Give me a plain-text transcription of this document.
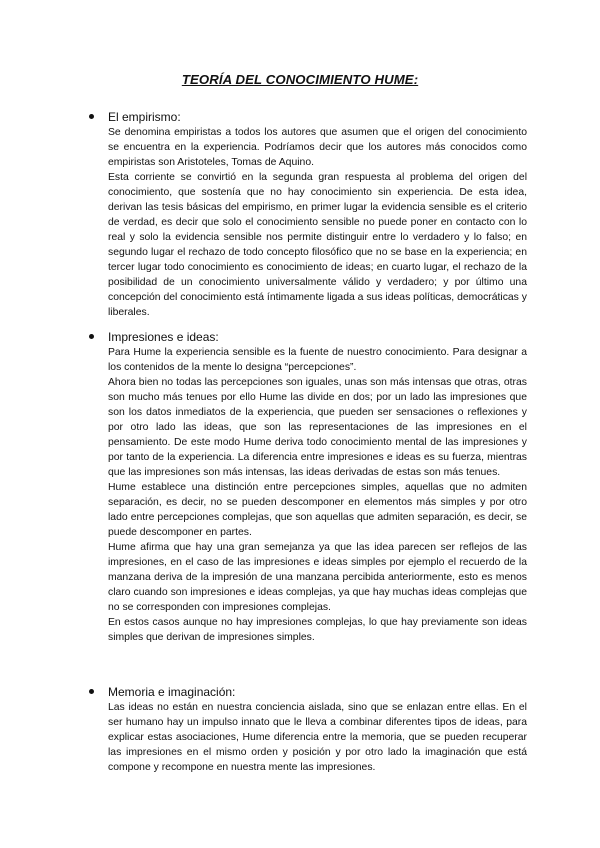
TEORÍA DEL CONOCIMIENTO HUME:
El empirismo:

Se denomina empiristas a todos los autores que asumen que el origen del conocimiento se encuentra en la experiencia. Podríamos decir que los autores más conocidos como empiristas son Aristoteles, Tomas de Aquino.

Esta corriente se convirtió en la segunda gran respuesta al problema del origen del conocimiento, que sostenía que no hay conocimiento sin experiencia. De esta idea, derivan las tesis básicas del empirismo, en primer lugar la evidencia sensible es el criterio de verdad, es decir que solo el conocimiento sensible no puede poner en contacto con lo real y solo la evidencia sensible nos permite distinguir entre lo verdadero y lo falso; en segundo lugar el rechazo de todo concepto filosófico que no se base en la experiencia; en tercer lugar todo conocimiento es conocimiento de ideas; en cuarto lugar, el rechazo de la posibilidad de un conocimiento universalmente válido y verdadero; y por último una concepción del conocimiento está íntimamente ligada a sus ideas políticas, democráticas y liberales.

Impresiones e ideas:

Para Hume la experiencia sensible es la fuente de nuestro conocimiento. Para designar a los contenidos de la mente lo designa “percepciones”.

Ahora bien no todas las percepciones son iguales, unas son más intensas que otras, otras son mucho más tenues por ello Hume las divide en dos; por un lado las impresiones que son los datos inmediatos de la experiencia, que pueden ser sensaciones o reflexiones y por otro lado las ideas, que son las representaciones de las impresiones en el pensamiento. De este modo Hume deriva todo conocimiento mental de las impresiones y por tanto de la experiencia. La diferencia entre impresiones e ideas es su fuerza, mientras que las impresiones son más intensas, las ideas derivadas de estas son más tenues.

Hume establece una distinción entre percepciones simples, aquellas que no admiten separación, es decir, no se pueden descomponer en elementos más simples y por otro lado entre percepciones complejas, que son aquellas que admiten separación, es decir, se puede descomponer en partes.

Hume afirma que hay una gran semejanza ya que las idea parecen ser reflejos de las impresiones, en el caso de las impresiones e ideas simples por ejemplo el recuerdo de la manzana deriva de la impresión de una manzana percibida anteriormente, esto es menos claro cuando son impresiones e ideas complejas, ya que hay muchas ideas complejas que no se corresponden con impresiones complejas.

En estos casos aunque no hay impresiones complejas, lo que hay previamente son ideas simples que derivan de impresiones simples.

Memoria e imaginación:

Las ideas no están en nuestra conciencia aislada, sino que se enlazan entre ellas. En el ser humano hay un impulso innato que le lleva a combinar diferentes tipos de ideas, para explicar estas asociaciones, Hume diferencia entre la memoria, que se pueden recuperar las impresiones en el mismo orden y posición y por otro lado la imaginación que está compone y recompone en nuestra mente las impresiones.
